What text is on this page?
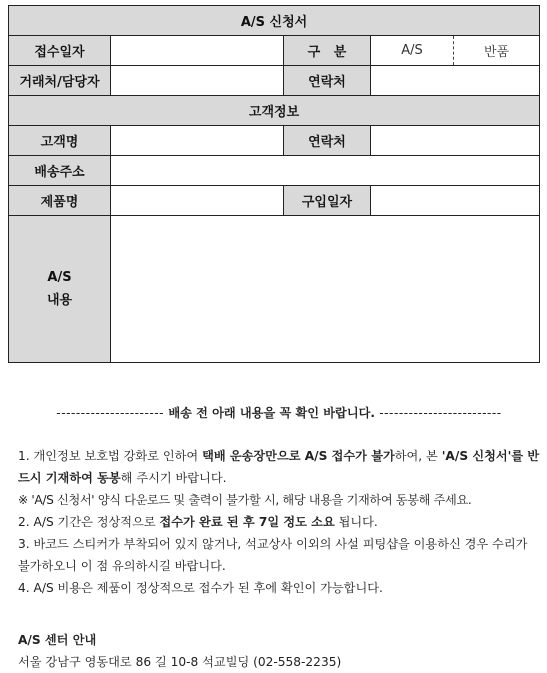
A/S 신청서				
접수일자		구   분	A/S	반품
거래처/담당자		연락처		
고객정보				
고객명		연락처		
배송주소				
제품명		구입일자		

A/S
내용				

---------------------- 배송 전 아래 내용을 꼭 확인 바랍니다. -------------------------

1. 개인정보 보호법 강화로 인하여 택배 운송장만으로 A/S 접수가 불가하여, 본 'A/S 신청서'를 반드시 기재하여 동봉해 주시기 바랍니다.

※ 'A/S 신청서' 양식 다운로드 및 출력이 불가할 시, 해당 내용을 기재하여 동봉해 주세요.

2. A/S 기간은 정상적으로 접수가 완료 된 후 7일 정도 소요 됩니다.

3. 바코드 스티커가 부착되어 있지 않거나, 석교상사 이외의 사설 피팅샵을 이용하신 경우 수리가 불가하오니 이 점 유의하시길 바랍니다.

4. A/S 비용은 제품이 정상적으로 접수가 된 후에 확인이 가능합니다.

A/S 센터 안내

서울 강남구 영동대로 86 길 10-8 석교빌딩 (02-558-2235)
